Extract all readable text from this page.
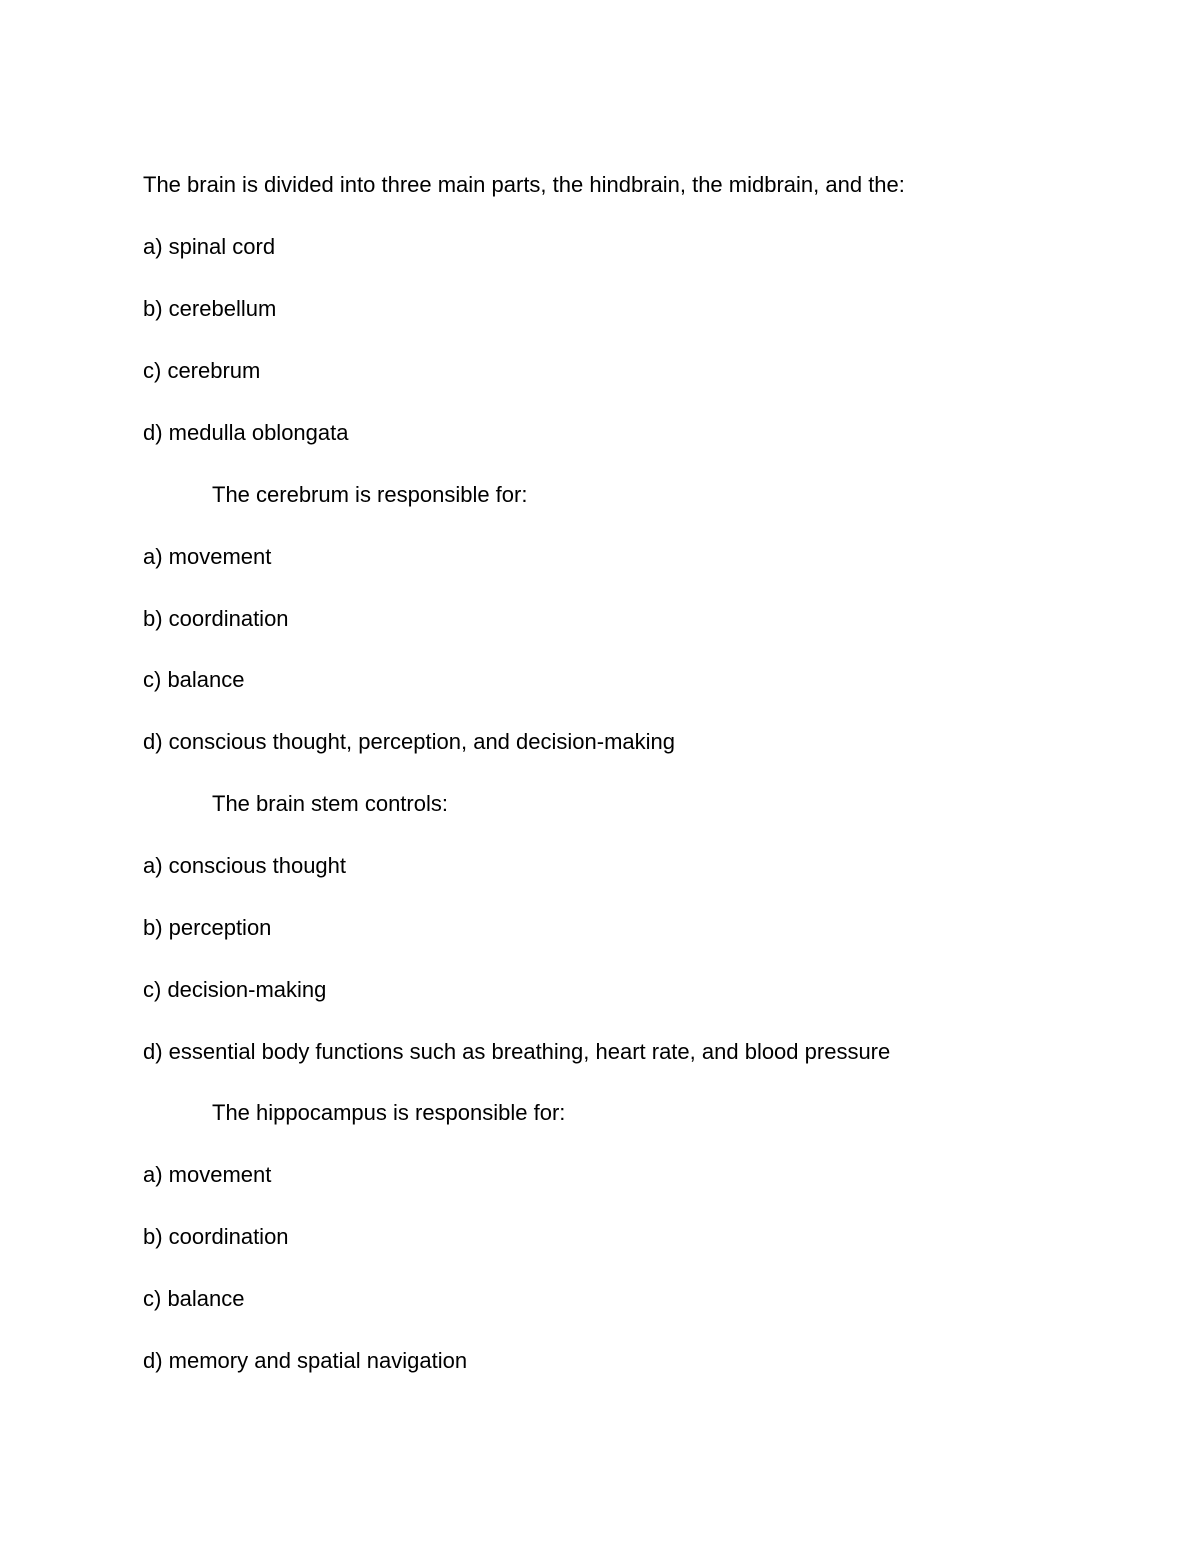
The brain is divided into three main parts, the hindbrain, the midbrain, and the:
a) spinal cord
b) cerebellum
c) cerebrum
d) medulla oblongata
The cerebrum is responsible for:
a) movement
b) coordination
c) balance
d) conscious thought, perception, and decision-making
The brain stem controls:
a) conscious thought
b) perception
c) decision-making
d) essential body functions such as breathing, heart rate, and blood pressure
The hippocampus is responsible for:
a) movement
b) coordination
c) balance
d) memory and spatial navigation
